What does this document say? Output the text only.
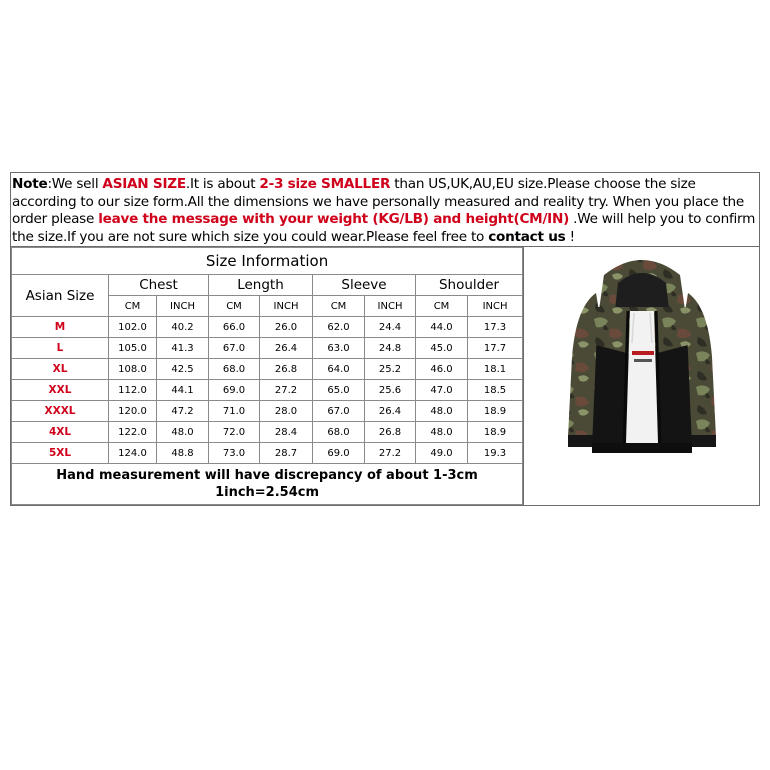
Note:We sell ASIAN SIZE.It is about 2-3 size SMALLER than US,UK,AU,EU size.Please choose the size according to our size form.All the dimensions we have personally measured and reality try. When you place the order please leave the message with your weight (KG/LB) and height(CM/IN) .We will help you to confirm the size.If you are not sure which size you could wear.Please feel free to contact us !
Size Information								
Asian Size	Chest		Length		Sleeve		Shoulder	
	CM	INCH	CM	INCH	CM	INCH	CM	INCH
M	102.0	40.2	66.0	26.0	62.0	24.4	44.0	17.3
L	105.0	41.3	67.0	26.4	63.0	24.8	45.0	17.7
XL	108.0	42.5	68.0	26.8	64.0	25.2	46.0	18.1
XXL	112.0	44.1	69.0	27.2	65.0	25.6	47.0	18.5
XXXL	120.0	47.2	71.0	28.0	67.0	26.4	48.0	18.9
4XL	122.0	48.0	72.0	28.4	68.0	26.8	48.0	18.9
5XL	124.0	48.8	73.0	28.7	69.0	27.2	49.0	19.3

Hand measurement will have discrepancy of about 1-3cm
1inch=2.54cm								
